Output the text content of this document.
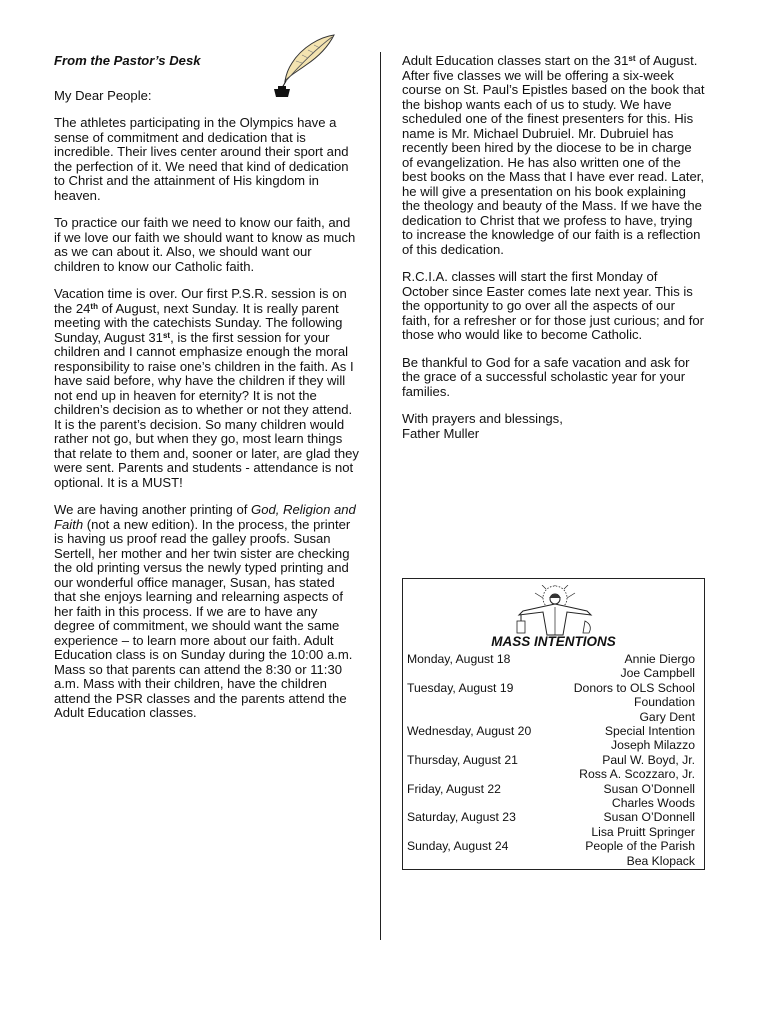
From the Pastor’s Desk

My Dear People:

The athletes participating in the Olympics have a sense of commitment and dedication that is incredible. Their lives center around their sport and the perfection of it. We need that kind of dedication to Christ and the attainment of His kingdom in heaven.

To practice our faith we need to know our faith, and if we love our faith we should want to know as much as we can about it. Also, we should want our children to know our Catholic faith.

Vacation time is over. Our first P.S.R. session is on the 24th of August, next Sunday. It is really parent meeting with the catechists Sunday. The following Sunday, August 31st, is the first session for your children and I cannot emphasize enough the moral responsibility to raise one’s children in the faith. As I have said before, why have the children if they will not end up in heaven for eternity? It is not the children’s decision as to whether or not they attend. It is the parent’s decision. So many children would rather not go, but when they go, most learn things that relate to them and, sooner or later, are glad they were sent. Parents and students - attendance is not optional. It is a MUST!

We are having another printing of God, Religion and Faith (not a new edition). In the process, the printer is having us proof read the galley proofs. Susan Sertell, her mother and her twin sister are checking the old printing versus the newly typed printing and our wonderful office manager, Susan, has stated that she enjoys learning and relearning aspects of her faith in this process. If we are to have any degree of commitment, we should want the same experience – to learn more about our faith. Adult Education class is on Sunday during the 10:00 a.m. Mass so that parents can attend the 8:30 or 11:30 a.m. Mass with their children, have the children attend the PSR classes and the parents attend the Adult Education classes.

Adult Education classes start on the 31st of August. After five classes we will be offering a six-week course on St. Paul’s Epistles based on the book that the bishop wants each of us to study. We have scheduled one of the finest presenters for this. His name is Mr. Michael Dubruiel. Mr. Dubruiel has recently been hired by the diocese to be in charge of evangelization. He has also written one of the best books on the Mass that I have ever read. Later, he will give a presentation on his book explaining the theology and beauty of the Mass. If we have the dedication to Christ that we profess to have, trying to increase the knowledge of our faith is a reflection of this dedication.

R.C.I.A. classes will start the first Monday of October since Easter comes late next year. This is the opportunity to go over all the aspects of our faith, for a refresher or for those just curious; and for those who would like to become Catholic.

Be thankful to God for a safe vacation and ask for the grace of a successful scholastic year for your families.

With prayers and blessings,
Father Muller
MASS INTENTIONS
Monday, August 18	Annie Diergo
Joe Campbell
Tuesday, August 19	Donors to OLS School
Foundation
Gary Dent
Wednesday, August 20	Special Intention
Joseph Milazzo
Thursday, August 21	Paul W. Boyd, Jr.
Ross A. Scozzaro, Jr.
Friday, August 22	Susan O’Donnell
Charles Woods
Saturday, August 23	Susan O’Donnell
Lisa Pruitt Springer
Sunday, August 24	People of the Parish
Bea Klopack
